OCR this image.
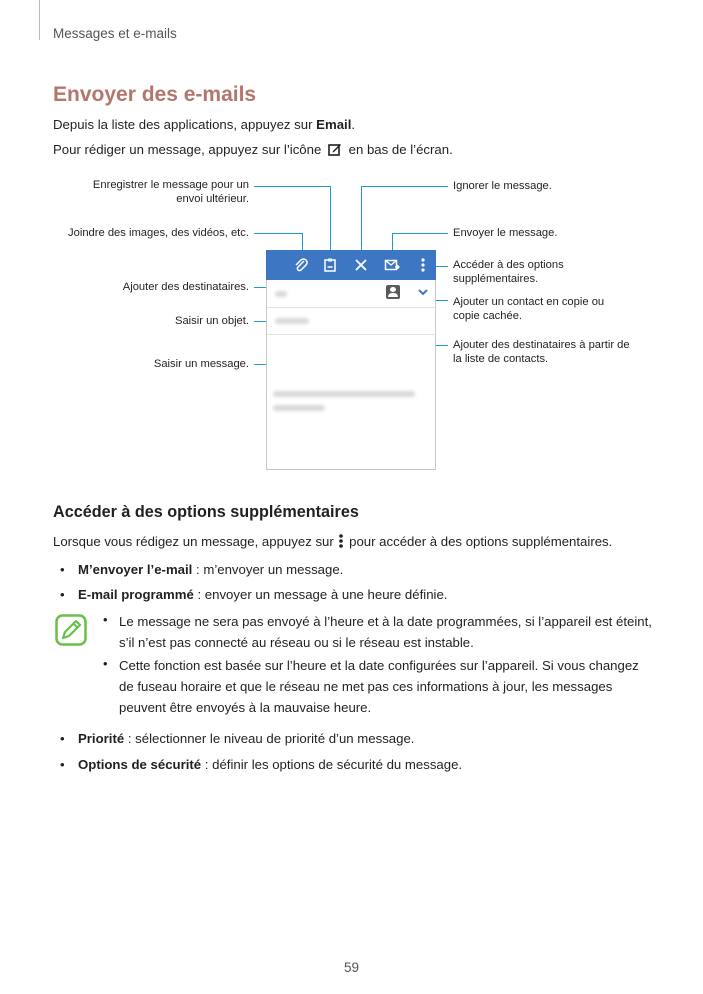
Messages et e-mails
Envoyer des e-mails
Depuis la liste des applications, appuyez sur Email.
Pour rédiger un message, appuyez sur l’icône en bas de l’écran.
Enregistrer le message pour un
envoi ultérieur.
Joindre des images, des vidéos, etc.
Ajouter des destinataires.
Saisir un objet.
Saisir un message.
Ignorer le message.
Envoyer le message.
Accéder à des options
supplémentaires.
Ajouter un contact en copie ou
copie cachée.
Ajouter des destinataires à partir de
la liste de contacts.
Accéder à des options supplémentaires
Lorsque vous rédigez un message, appuyez sur pour accéder à des options supplémentaires.
• M’envoyer l’e-mail : m’envoyer un message.
• E-mail programmé : envoyer un message à une heure définie.
• Le message ne sera pas envoyé à l’heure et à la date programmées, si l’appareil est éteint, s’il n’est pas connecté au réseau ou si le réseau est instable.
• Cette fonction est basée sur l’heure et la date configurées sur l’appareil. Si vous changez de fuseau horaire et que le réseau ne met pas ces informations à jour, les messages peuvent être envoyés à la mauvaise heure.
• Priorité : sélectionner le niveau de priorité d’un message.
• Options de sécurité : définir les options de sécurité du message.
59
